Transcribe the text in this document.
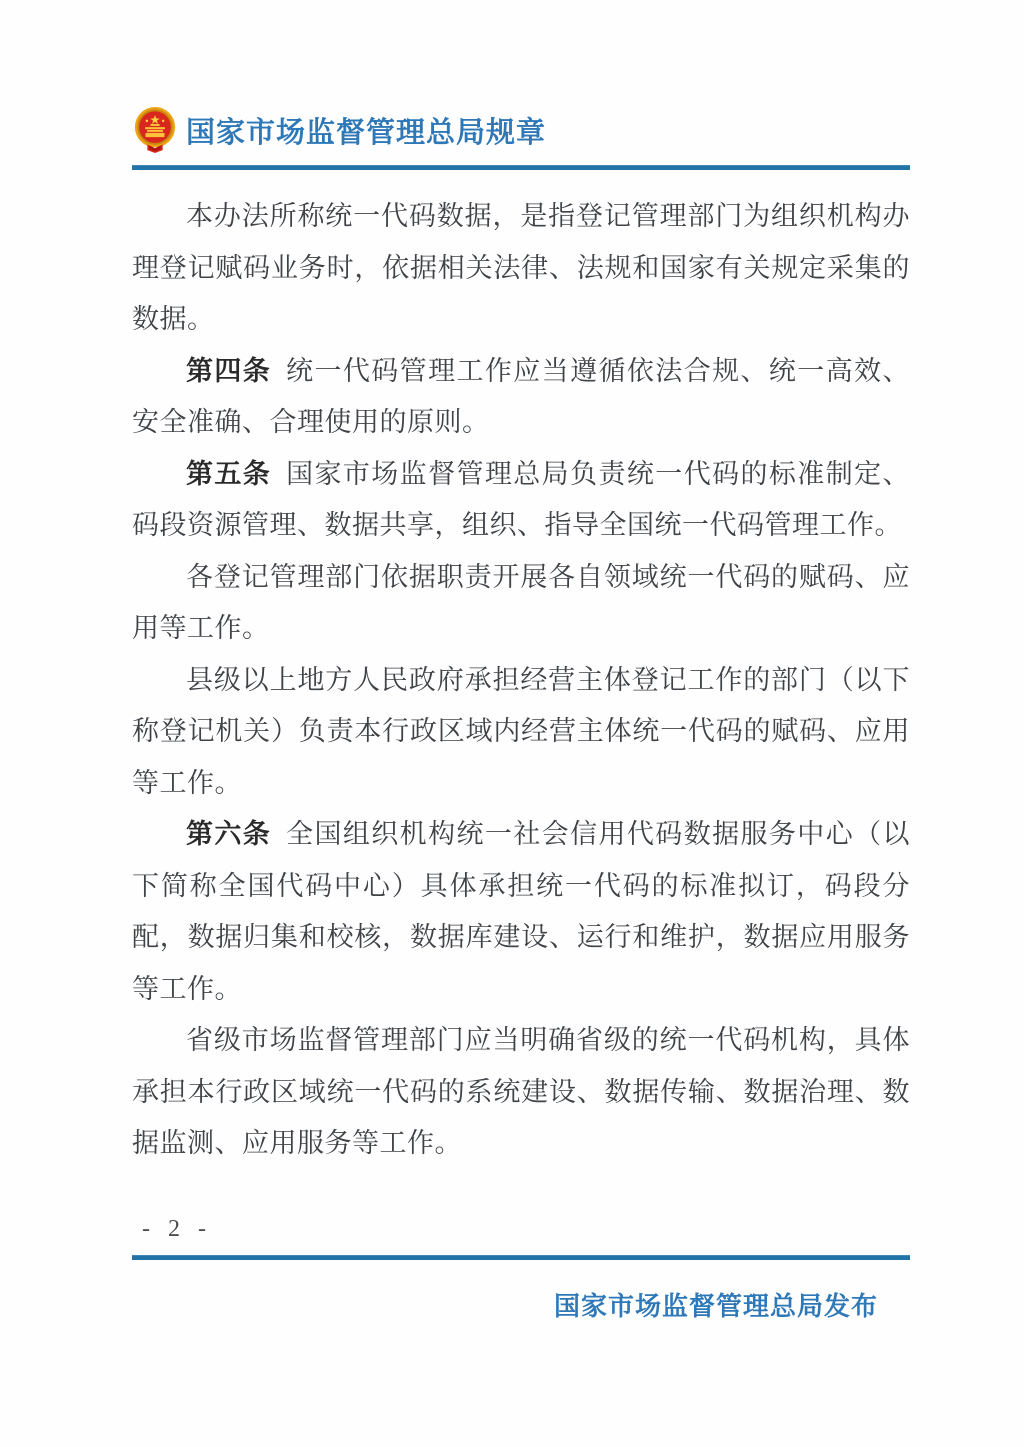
国家市场监督管理总局规章

本办法所称统一代码数据，是指登记管理部门为组织机构办理登记赋码业务时，依据相关法律、法规和国家有关规定采集的数据。

第四条 统一代码管理工作应当遵循依法合规、统一高效、安全准确、合理使用的原则。

第五条 国家市场监督管理总局负责统一代码的标准制定、码段资源管理、数据共享，组织、指导全国统一代码管理工作。

各登记管理部门依据职责开展各自领域统一代码的赋码、应用等工作。

县级以上地方人民政府承担经营主体登记工作的部门（以下称登记机关）负责本行政区域内经营主体统一代码的赋码、应用等工作。

第六条 全国组织机构统一社会信用代码数据服务中心（以下简称全国代码中心）具体承担统一代码的标准拟订，码段分配，数据归集和校核，数据库建设、运行和维护，数据应用服务等工作。

省级市场监督管理部门应当明确省级的统一代码机构，具体承担本行政区域统一代码的系统建设、数据传输、数据治理、数据监测、应用服务等工作。

- 2 -
国家市场监督管理总局发布
